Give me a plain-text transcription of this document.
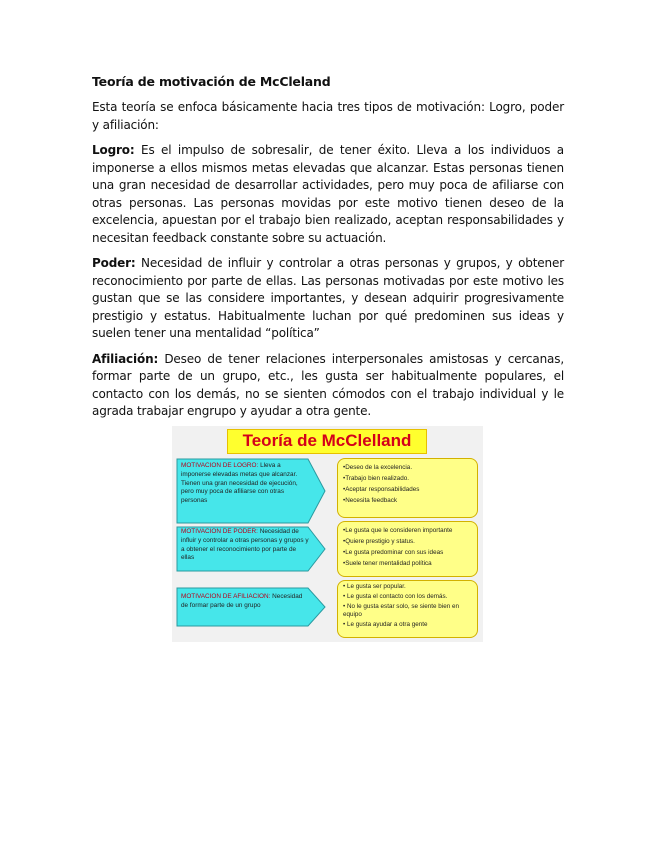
Teoría de motivación de McCleland

Esta teoría se enfoca básicamente hacia tres tipos de motivación: Logro, poder y afiliación:

Logro: Es el impulso de sobresalir, de tener éxito. Lleva a los individuos a imponerse a ellos mismos metas elevadas que alcanzar. Estas personas tienen una gran necesidad de desarrollar actividades, pero muy poca de afiliarse con otras personas. Las personas movidas por este motivo tienen deseo de la excelencia, apuestan por el trabajo bien realizado, aceptan responsabilidades y necesitan feedback constante sobre su actuación.

Poder: Necesidad de influir y controlar a otras personas y grupos, y obtener reconocimiento por parte de ellas. Las personas motivadas por este motivo les gustan que se las considere importantes, y desean adquirir progresivamente prestigio y estatus. Habitualmente luchan por qué predominen sus ideas y suelen tener una mentalidad “política”

Afiliación: Deseo de tener relaciones interpersonales amistosas y cercanas, formar parte de un grupo, etc., les gusta ser habitualmente populares, el contacto con los demás, no se sienten cómodos con el trabajo individual y le agrada trabajar engrupo y ayudar a otra gente.

Teoría de McClelland
MOTIVACION DE LOGRO: Lleva a imponerse elevadas metas que alcanzar. Tienen una gran necesidad de ejecución, pero muy poca de afiliarse con otras personas
•Deseo de la excelencia.
•Trabajo bien realizado.
•Aceptar responsabilidades
•Necesita feedback
MOTIVACION DE PODER: Necesidad de influir y controlar a otras personas y grupos y a obtener el reconocimiento por parte de ellas
•Le gusta que le consideren importante
•Quiere prestigio y status.
•Le gusta predominar con sus ideas
•Suele tener mentalidad política
MOTIVACION DE AFILIACION: Necesidad de formar parte de un grupo
• Le gusta ser popular.
• Le gusta el contacto con los demás.
• No le gusta estar solo, se siente bien en equipo
• Le gusta ayudar a otra gente
